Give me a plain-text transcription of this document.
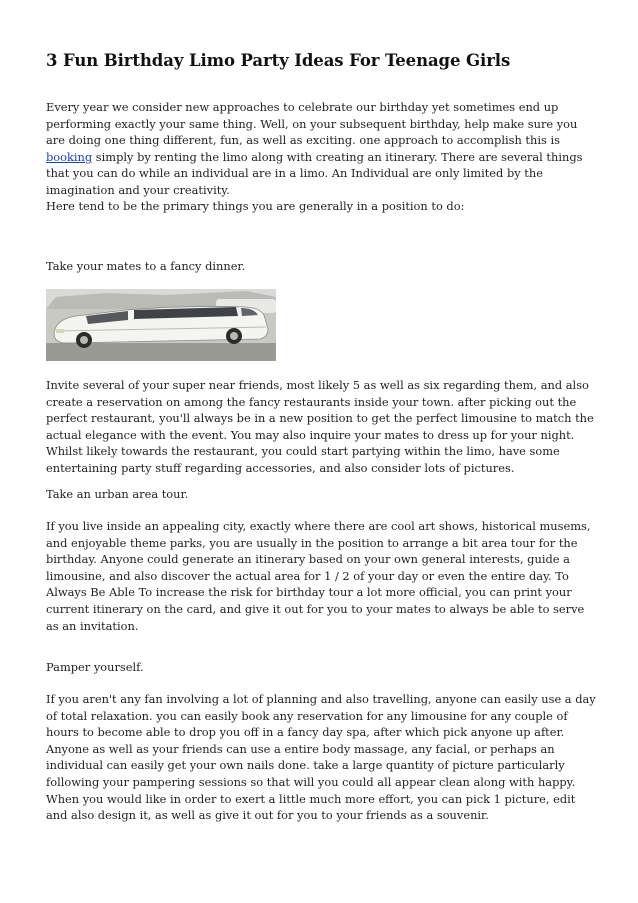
3 Fun Birthday Limo Party Ideas For Teenage Girls

Every year we consider new approaches to celebrate our birthday yet sometimes end up performing exactly your same thing. Well, on your subsequent birthday, help make sure you are doing one thing different, fun, as well as exciting. one approach to accomplish this is booking simply by renting the limo along with creating an itinerary. There are several things that you can do while an individual are in a limo. An Individual are only limited by the imagination and your creativity.

Here tend to be the primary things you are generally in a position to do:

Take your mates to a fancy dinner.

Invite several of your super near friends, most likely 5 as well as six regarding them, and also create a reservation on among the fancy restaurants inside your town. after picking out the perfect restaurant, you'll always be in a new position to get the perfect limousine to match the actual elegance with the event. You may also inquire your mates to dress up for your night. Whilst likely towards the restaurant, you could start partying within the limo, have some entertaining party stuff regarding accessories, and also consider lots of pictures.

Take an urban area tour.

If you live inside an appealing city, exactly where there are cool art shows, historical musems, and enjoyable theme parks, you are usually in the position to arrange a bit area tour for the birthday. Anyone could generate an itinerary based on your own general interests, guide a limousine, and also discover the actual area for 1 / 2 of your day or even the entire day. To Always Be Able To increase the risk for birthday tour a lot more official, you can print your current itinerary on the card, and give it out for you to your mates to always be able to serve as an invitation.

Pamper yourself.

If you aren't any fan involving a lot of planning and also travelling, anyone can easily use a day of total relaxation. you can easily book any reservation for any limousine for any couple of hours to become able to drop you off in a fancy day spa, after which pick anyone up after. Anyone as well as your friends can use a entire body massage, any facial, or perhaps an individual can easily get your own nails done. take a large quantity of picture particularly following your pampering sessions so that will you could all appear clean along with happy. When you would like in order to exert a little much more effort, you can pick 1 picture, edit and also design it, as well as give it out for you to your friends as a souvenir.
